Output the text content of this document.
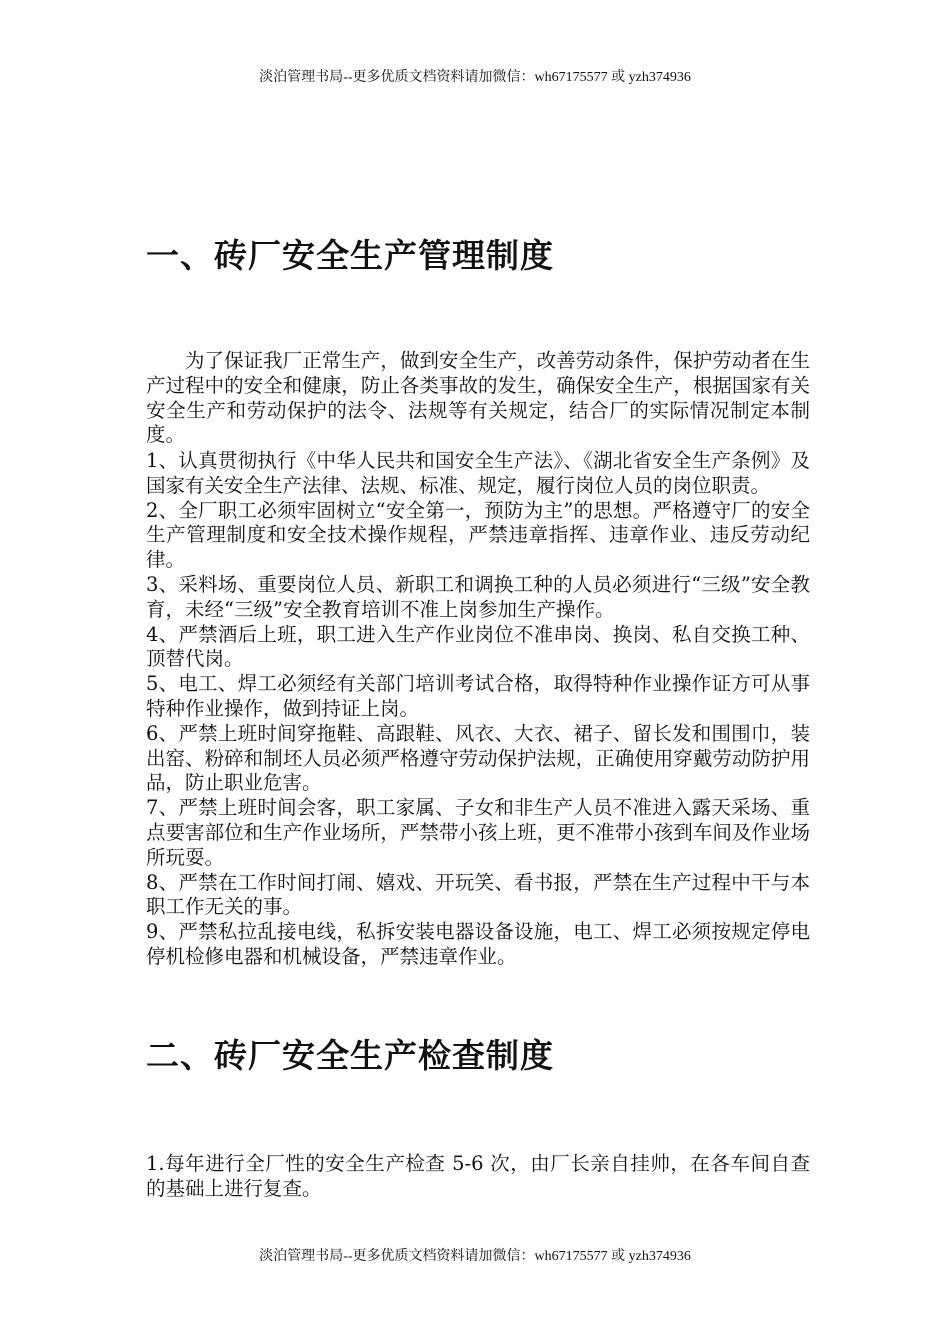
淡泊管理书局--更多优质文档资料请加微信：wh67175577 或 yzh374936
一、砖厂安全生产管理制度

为了保证我厂正常生产，做到安全生产，改善劳动条件，保护劳动者在生产过程中的安全和健康，防止各类事故的发生，确保安全生产，根据国家有关安全生产和劳动保护的法令、法规等有关规定，结合厂的实际情况制定本制度。

1、认真贯彻执行《中华人民共和国安全生产法》、《湖北省安全生产条例》及国家有关安全生产法律、法规、标准、规定，履行岗位人员的岗位职责。

2、全厂职工必须牢固树立“安全第一，预防为主”的思想。严格遵守厂的安全生产管理制度和安全技术操作规程，严禁违章指挥、违章作业、违反劳动纪律。

3、采料场、重要岗位人员、新职工和调换工种的人员必须进行“三级”安全教育，未经“三级”安全教育培训不准上岗参加生产操作。

4、严禁酒后上班，职工进入生产作业岗位不准串岗、换岗、私自交换工种、顶替代岗。

5、电工、焊工必须经有关部门培训考试合格，取得特种作业操作证方可从事特种作业操作，做到持证上岗。

6、严禁上班时间穿拖鞋、高跟鞋、风衣、大衣、裙子、留长发和围围巾，装出窑、粉碎和制坯人员必须严格遵守劳动保护法规，正确使用穿戴劳动防护用品，防止职业危害。

7、严禁上班时间会客，职工家属、子女和非生产人员不准进入露天采场、重点要害部位和生产作业场所，严禁带小孩上班，更不准带小孩到车间及作业场所玩耍。

8、严禁在工作时间打闹、嬉戏、开玩笑、看书报，严禁在生产过程中干与本职工作无关的事。

9、严禁私拉乱接电线，私拆安装电器设备设施，电工、焊工必须按规定停电停机检修电器和机械设备，严禁违章作业。

二、砖厂安全生产检查制度

1.每年进行全厂性的安全生产检查 5-6 次，由厂长亲自挂帅，在各车间自查的基础上进行复查。

淡泊管理书局--更多优质文档资料请加微信：wh67175577 或 yzh374936
